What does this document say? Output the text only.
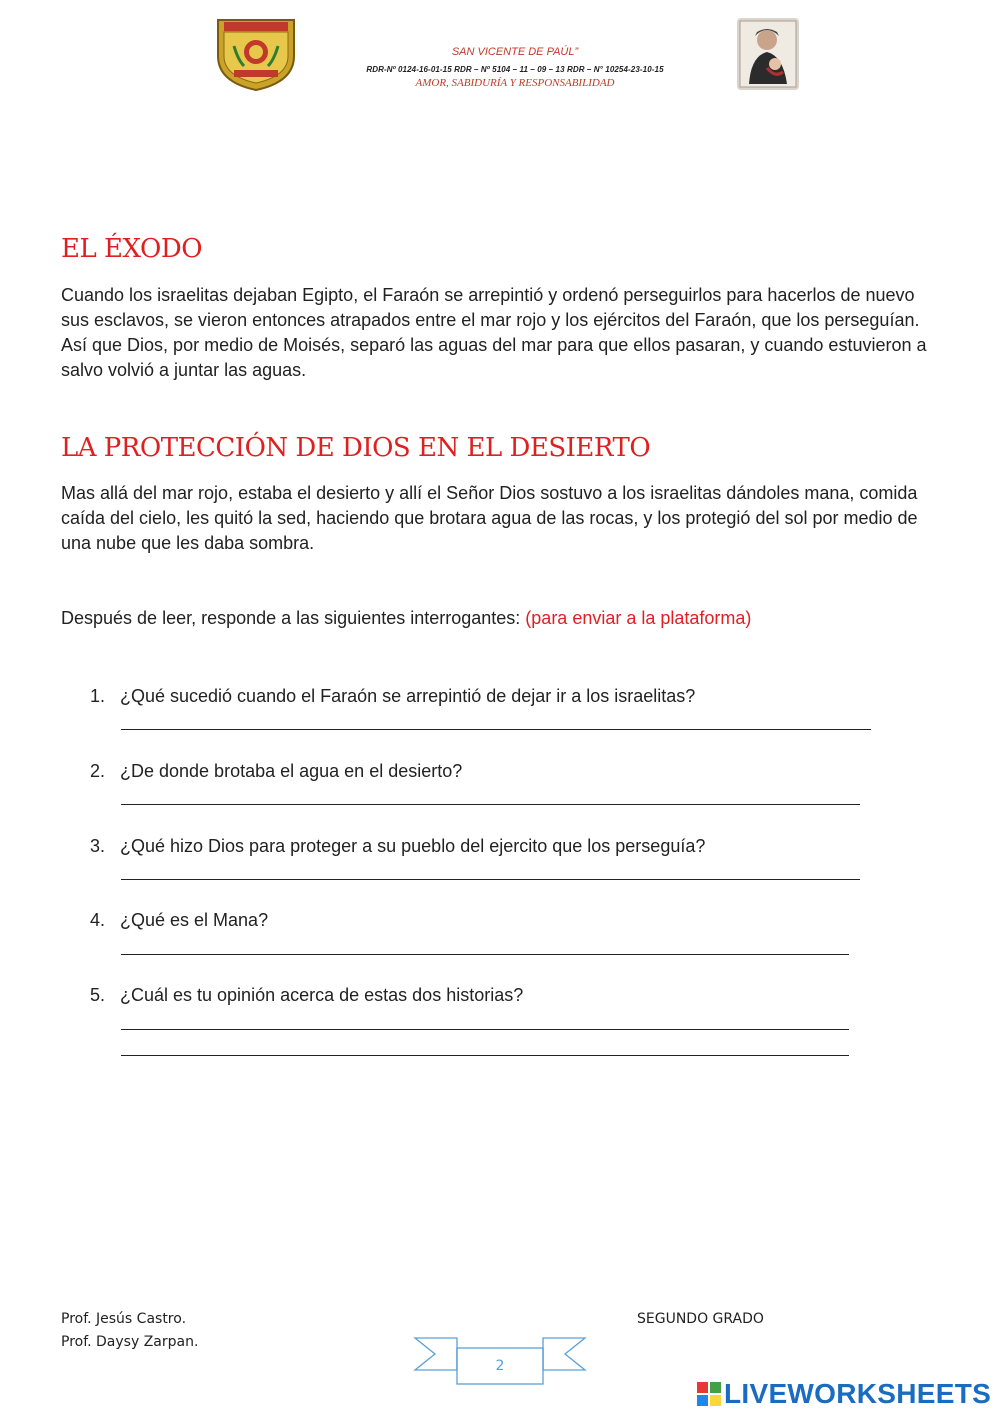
SAN VICENTE DE PAÚL”
RDR-Nº 0124-16-01-15 RDR – Nº 5104 – 11 – 09 – 13 RDR – N° 10254-23-10-15
AMOR, SABIDURÍA Y RESPONSABILIDAD
EL ÉXODO
Cuando los israelitas dejaban Egipto, el Faraón se arrepintió y ordenó perseguirlos para hacerlos de nuevo sus esclavos, se vieron entonces atrapados entre el mar rojo y los ejércitos del Faraón, que los perseguían. Así que Dios, por medio de Moisés, separó las aguas del mar para que ellos pasaran, y cuando estuvieron a salvo volvió a juntar las aguas.
LA PROTECCIÓN DE DIOS EN EL DESIERTO
Mas allá del mar rojo, estaba el desierto y allí el Señor Dios sostuvo a los israelitas dándoles mana, comida caída del cielo, les quitó la sed, haciendo que brotara agua de las rocas, y los protegió del sol por medio de una nube que les daba sombra.
Después de leer, responde a las siguientes interrogantes: (para enviar a la plataforma)
1. ¿Qué sucedió cuando el Faraón se arrepintió de dejar ir a los israelitas?
2. ¿De donde brotaba el agua en el desierto?
3. ¿Qué hizo Dios para proteger a su pueblo del ejercito que los perseguía?
4. ¿Qué es el Mana?
5. ¿Cuál es tu opinión acerca de estas dos historias?
Prof. Jesús Castro.
Prof. Daysy Zarpan.
SEGUNDO GRADO
2
LIVEWORKSHEETS
